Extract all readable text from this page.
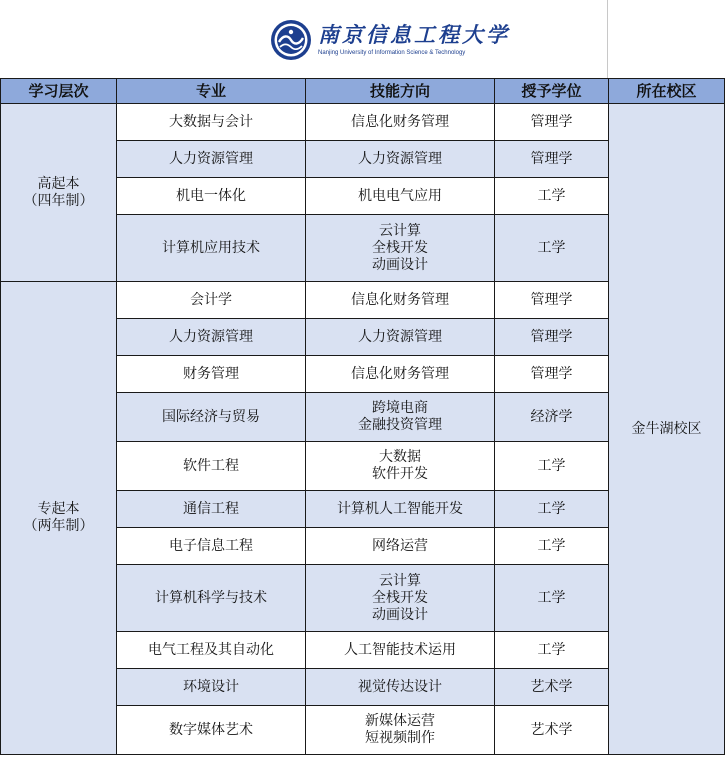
南京信息工程大学
Nanjing University of Information Science & Technology
学习层次	专业	技能方向	授予学位	所在校区
高起本
（四年制）	大数据与会计	信息化财务管理	管理学	金牛湖校区
	人力资源管理	人力资源管理	管理学	
	机电一体化	机电电气应用	工学	
	计算机应用技术	云计算
全栈开发
动画设计	工学	
专起本
（两年制）	会计学	信息化财务管理	管理学	
	人力资源管理	人力资源管理	管理学	
	财务管理	信息化财务管理	管理学	
	国际经济与贸易	跨境电商
金融投资管理	经济学	
	软件工程	大数据
软件开发	工学	
	通信工程	计算机人工智能开发	工学	
	电子信息工程	网络运营	工学	
	计算机科学与技术	云计算
全栈开发
动画设计	工学	
	电气工程及其自动化	人工智能技术运用	工学	
	环境设计	视觉传达设计	艺术学	
	数字媒体艺术	新媒体运营
短视频制作	艺术学	
